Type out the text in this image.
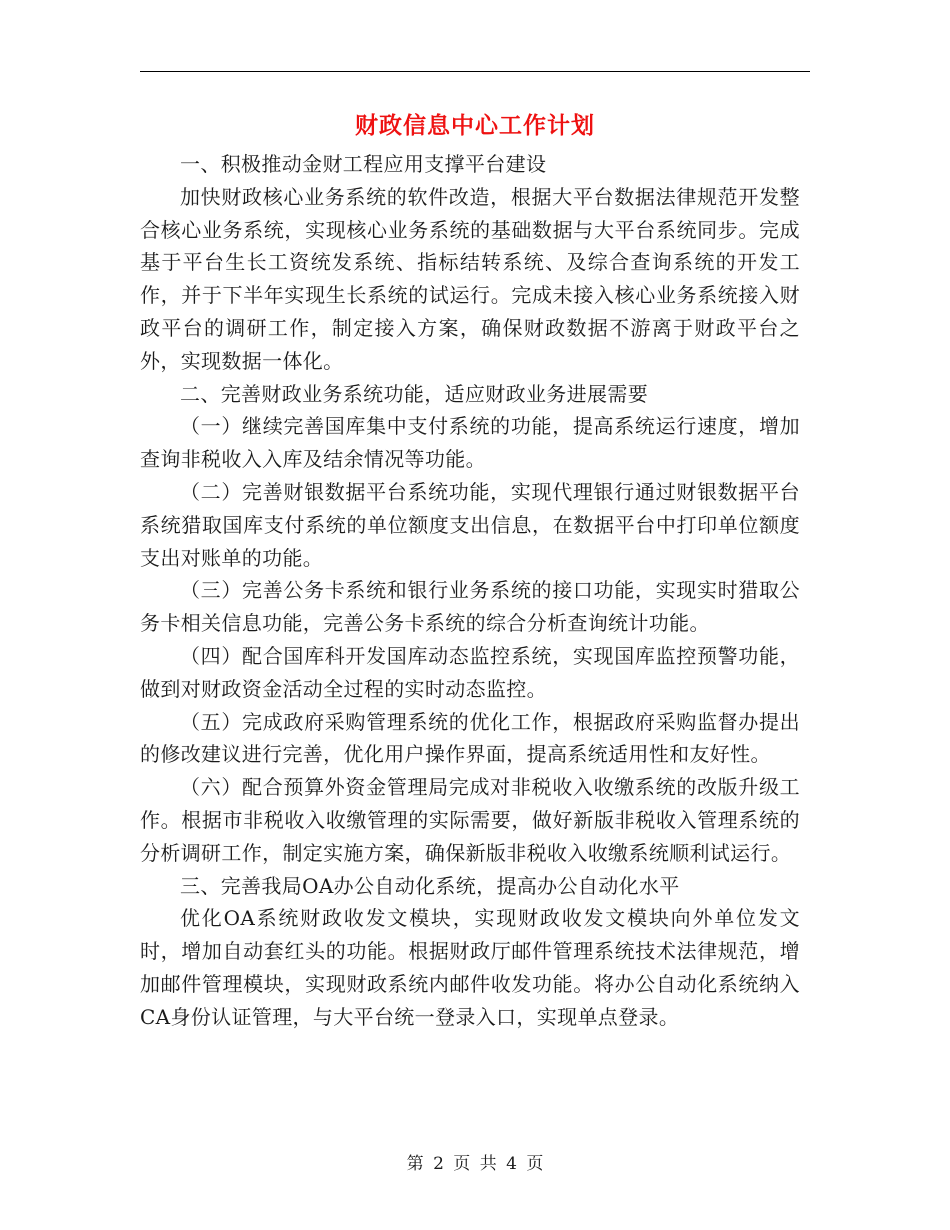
财政信息中心工作计划

一、积极推动金财工程应用支撑平台建设

加快财政核心业务系统的软件改造，根据大平台数据法律规范开发整合核心业务系统，实现核心业务系统的基础数据与大平台系统同步。完成基于平台生长工资统发系统、指标结转系统、及综合查询系统的开发工作，并于下半年实现生长系统的试运行。完成未接入核心业务系统接入财政平台的调研工作，制定接入方案，确保财政数据不游离于财政平台之外，实现数据一体化。

二、完善财政业务系统功能，适应财政业务进展需要

（一）继续完善国库集中支付系统的功能，提高系统运行速度，增加查询非税收入入库及结余情况等功能。

（二）完善财银数据平台系统功能，实现代理银行通过财银数据平台系统猎取国库支付系统的单位额度支出信息，在数据平台中打印单位额度支出对账单的功能。

（三）完善公务卡系统和银行业务系统的接口功能，实现实时猎取公务卡相关信息功能，完善公务卡系统的综合分析查询统计功能。

（四）配合国库科开发国库动态监控系统，实现国库监控预警功能，做到对财政资金活动全过程的实时动态监控。

（五）完成政府采购管理系统的优化工作，根据政府采购监督办提出的修改建议进行完善，优化用户操作界面，提高系统适用性和友好性。

（六）配合预算外资金管理局完成对非税收入收缴系统的改版升级工作。根据市非税收入收缴管理的实际需要，做好新版非税收入管理系统的分析调研工作，制定实施方案，确保新版非税收入收缴系统顺利试运行。

三、完善我局OA办公自动化系统，提高办公自动化水平

优化OA系统财政收发文模块，实现财政收发文模块向外单位发文时，增加自动套红头的功能。根据财政厅邮件管理系统技术法律规范，增加邮件管理模块，实现财政系统内邮件收发功能。将办公自动化系统纳入CA身份认证管理，与大平台统一登录入口，实现单点登录。

第 2 页 共 4 页
